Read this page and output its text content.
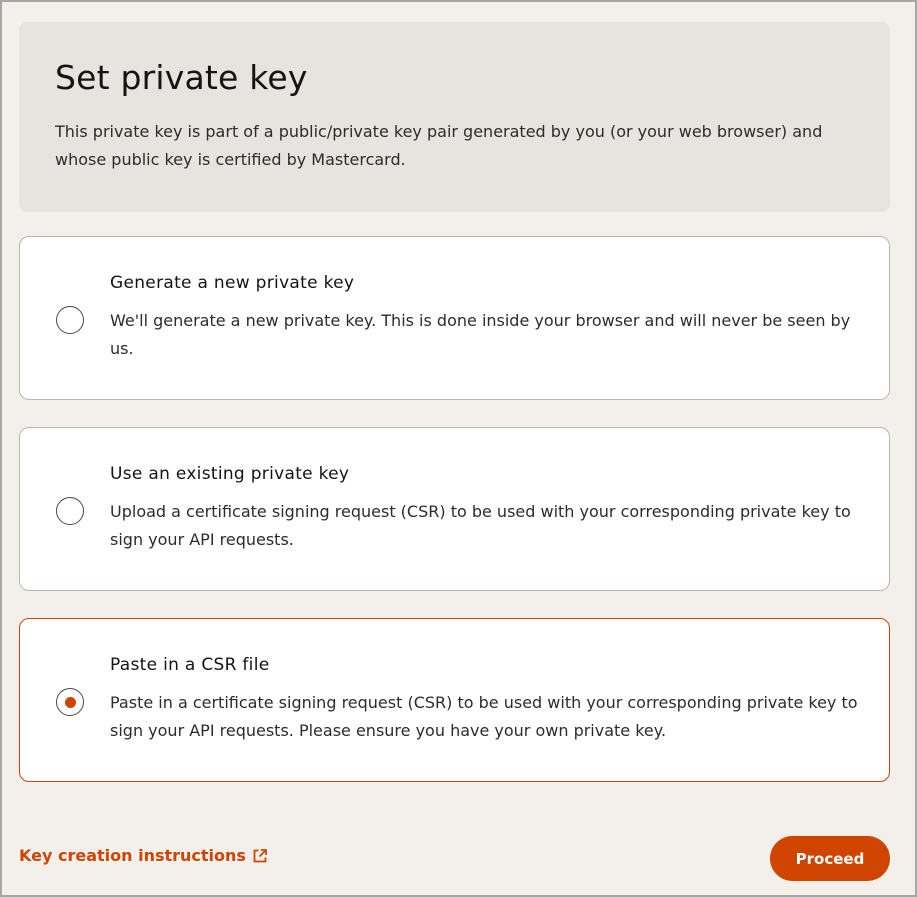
Set private key

This private key is part of a public/private key pair generated by you (or your web browser) and whose public key is certified by Mastercard.

Generate a new private key
We'll generate a new private key. This is done inside your browser and will never be seen by us.
Use an existing private key
Upload a certificate signing request (CSR) to be used with your corresponding private key to sign your API requests.
Paste in a CSR file
Paste in a certificate signing request (CSR) to be used with your corresponding private key to sign your API requests. Please ensure you have your own private key.
Key creation instructions	Proceed
